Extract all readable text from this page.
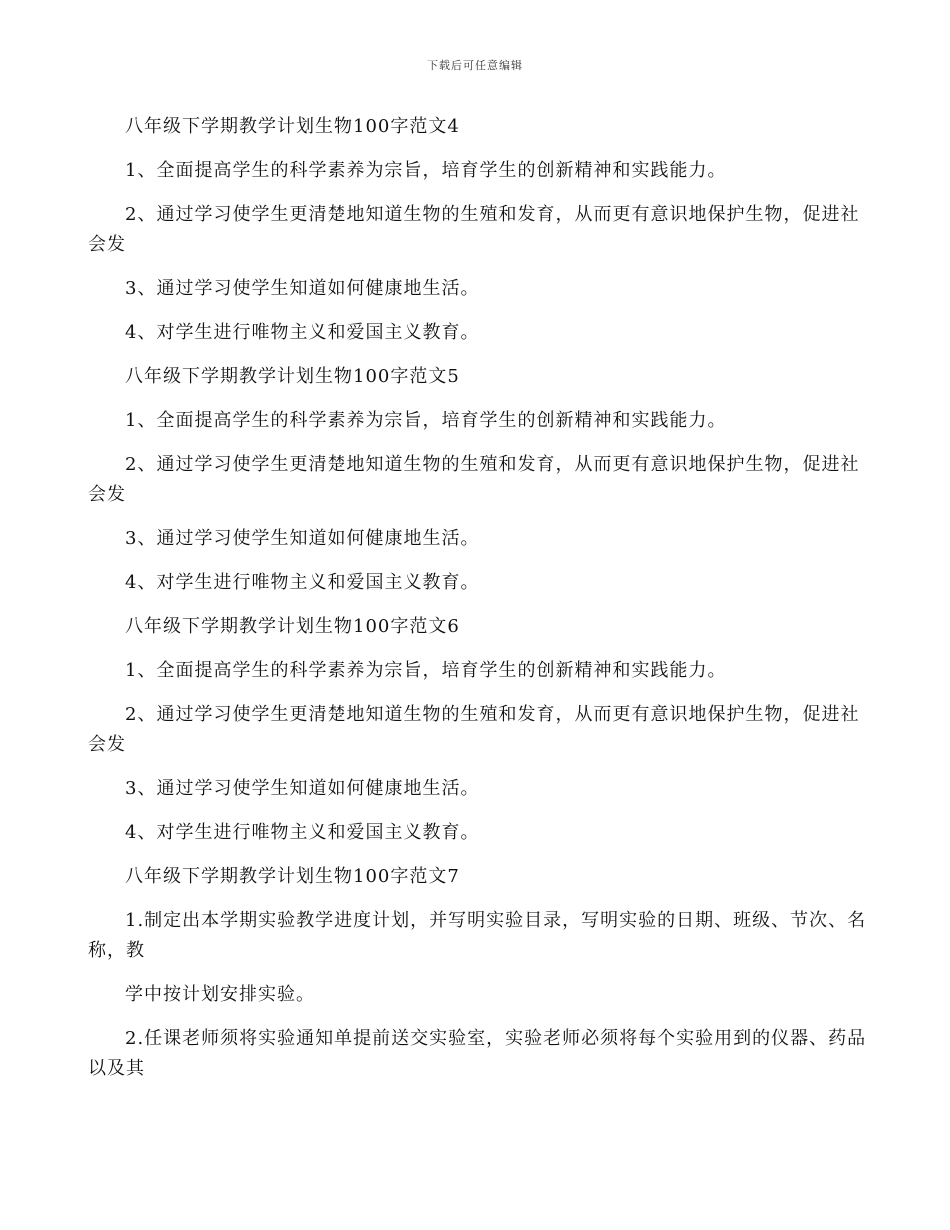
下载后可任意编辑

八年级下学期教学计划生物100字范文4

1、全面提高学生的科学素养为宗旨，培育学生的创新精神和实践能力。

2、通过学习使学生更清楚地知道生物的生殖和发育，从而更有意识地保护生物，促进社会发

3、通过学习使学生知道如何健康地生活。

4、对学生进行唯物主义和爱国主义教育。

八年级下学期教学计划生物100字范文5

1、全面提高学生的科学素养为宗旨，培育学生的创新精神和实践能力。

2、通过学习使学生更清楚地知道生物的生殖和发育，从而更有意识地保护生物，促进社会发

3、通过学习使学生知道如何健康地生活。

4、对学生进行唯物主义和爱国主义教育。

八年级下学期教学计划生物100字范文6

1、全面提高学生的科学素养为宗旨，培育学生的创新精神和实践能力。

2、通过学习使学生更清楚地知道生物的生殖和发育，从而更有意识地保护生物，促进社会发

3、通过学习使学生知道如何健康地生活。

4、对学生进行唯物主义和爱国主义教育。

八年级下学期教学计划生物100字范文7

1.制定出本学期实验教学进度计划，并写明实验目录，写明实验的日期、班级、节次、名称，教

学中按计划安排实验。

2.任课老师须将实验通知单提前送交实验室，实验老师必须将每个实验用到的仪器、药品以及其
